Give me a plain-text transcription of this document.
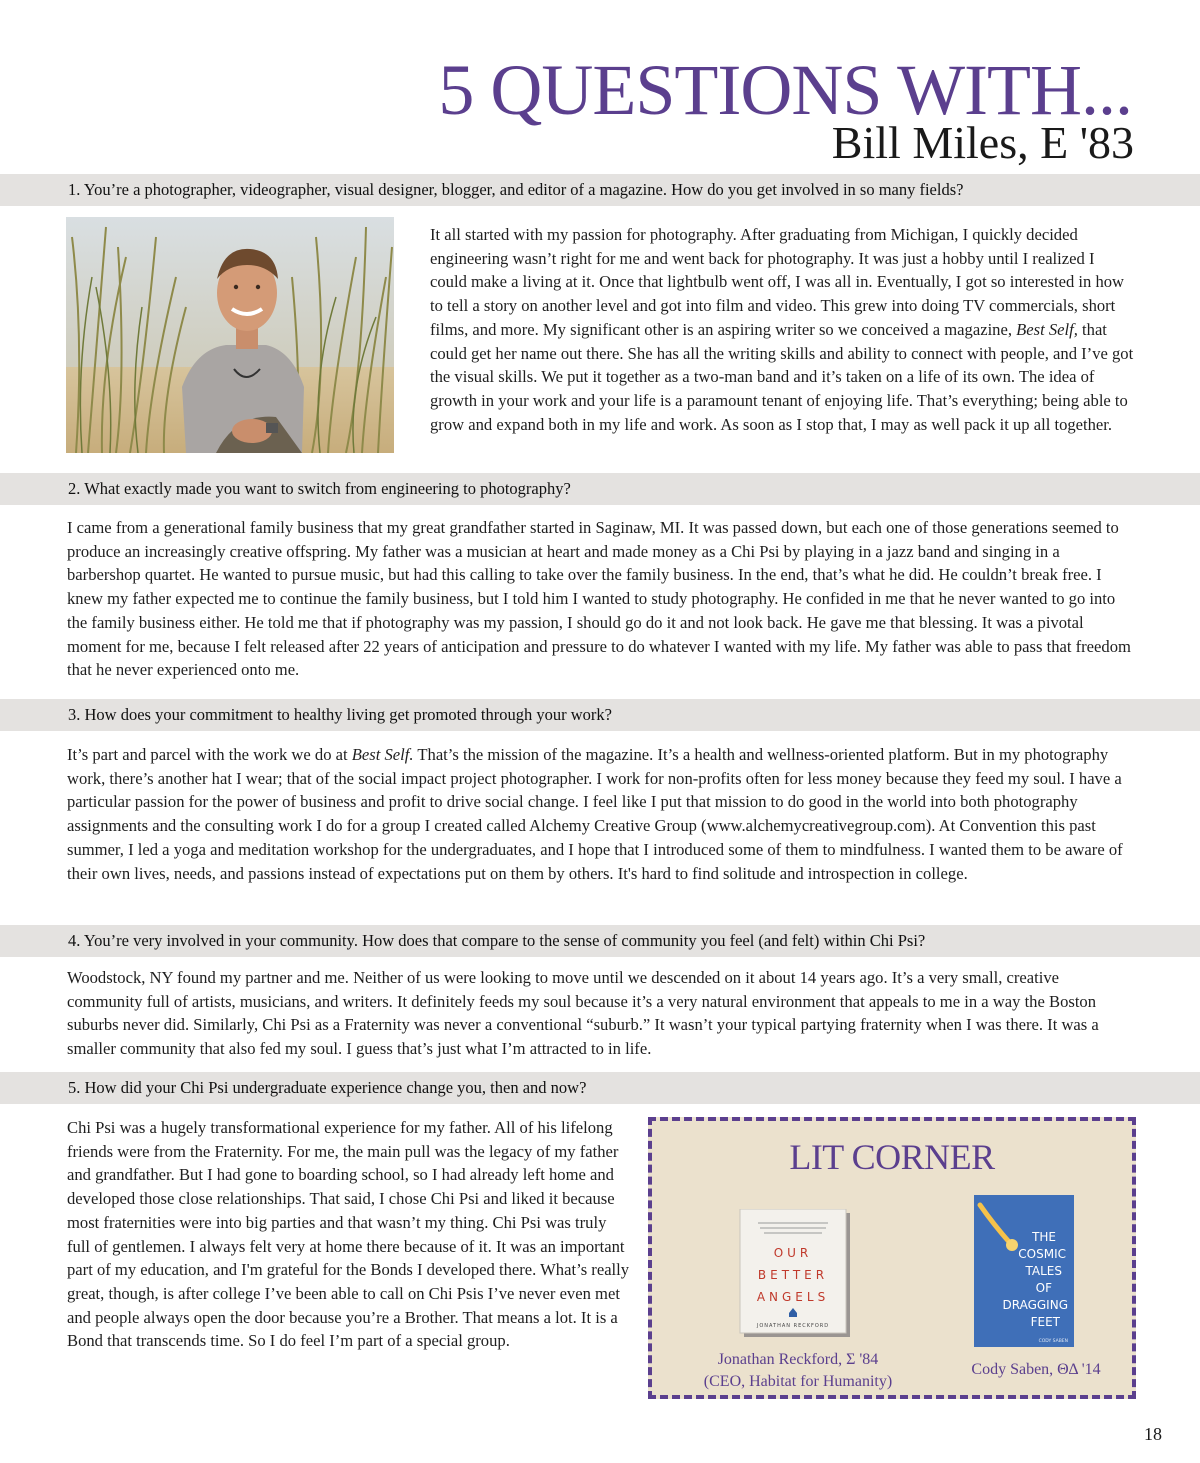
5 QUESTIONS WITH...
Bill Miles, E '83
1. You’re a photographer, videographer, visual designer, blogger, and editor of a magazine. How do you get involved in so many fields?
It all started with my passion for photography. After graduating from Michigan, I quickly decided engineering wasn’t right for me and went back for photography. It was just a hobby until I realized I could make a living at it. Once that lightbulb went off, I was all in. Eventually, I got so interested in how to tell a story on another level and got into film and video. This grew into doing TV commercials, short films, and more. My significant other is an aspiring writer so we conceived a magazine, Best Self, that could get her name out there. She has all the writing skills and ability to connect with people, and I’ve got the visual skills. We put it together as a two-man band and it’s taken on a life of its own. The idea of growth in your work and your life is a paramount tenant of enjoying life. That’s everything; being able to grow and expand both in my life and work. As soon as I stop that, I may as well pack it up all together.
2. What exactly made you want to switch from engineering to photography?
I came from a generational family business that my great grandfather started in Saginaw, MI. It was passed down, but each one of those generations seemed to produce an increasingly creative offspring. My father was a musician at heart and made money as a Chi Psi by playing in a jazz band and singing in a barbershop quartet. He wanted to pursue music, but had this calling to take over the family business. In the end, that’s what he did. He couldn’t break free. I knew my father expected me to continue the family business, but I told him I wanted to study photography. He confided in me that he never wanted to go into the family business either. He told me that if photography was my passion, I should go do it and not look back. He gave me that blessing. It was a pivotal moment for me, because I felt released after 22 years of anticipation and pressure to do whatever I wanted with my life. My father was able to pass that freedom that he never experienced onto me.
3. How does your commitment to healthy living get promoted through your work?
It’s part and parcel with the work we do at Best Self. That’s the mission of the magazine. It’s a health and wellness-oriented platform. But in my photography work, there’s another hat I wear; that of the social impact project photographer. I work for non-profits often for less money because they feed my soul. I have a particular passion for the power of business and profit to drive social change. I feel like I put that mission to do good in the world into both photography assignments and the consulting work I do for a group I created called Alchemy Creative Group (www.alchemycreativegroup.com). At Convention this past summer, I led a yoga and meditation workshop for the undergraduates, and I hope that I introduced some of them to mindfulness. I wanted them to be aware of their own lives, needs, and passions instead of expectations put on them by others. It's hard to find solitude and introspection in college.
4. You’re very involved in your community. How does that compare to the sense of community you feel (and felt) within Chi Psi?
Woodstock, NY found my partner and me. Neither of us were looking to move until we descended on it about 14 years ago. It’s a very small, creative community full of artists, musicians, and writers. It definitely feeds my soul because it’s a very natural environment that appeals to me in a way the Boston suburbs never did. Similarly, Chi Psi as a Fraternity was never a conventional “suburb.” It wasn’t your typical partying fraternity when I was there. It was a smaller community that also fed my soul. I guess that’s just what I’m attracted to in life.
5. How did your Chi Psi undergraduate experience change you, then and now?
Chi Psi was a hugely transformational experience for my father. All of his lifelong friends were from the Fraternity. For me, the main pull was the legacy of my father and grandfather. But I had gone to boarding school, so I had already left home and developed those close relationships. That said, I chose Chi Psi and liked it because most fraternities were into big parties and that wasn’t my thing. Chi Psi was truly full of gentlemen. I always felt very at home there because of it. It was an important part of my education, and I'm grateful for the Bonds I developed there. What’s really great, though, is after college I’ve been able to call on Chi Psis I’ve never even met and people always open the door because you’re a Brother. That means a lot. It is a Bond that transcends time. So I do feel I’m part of a special group.
LIT CORNER
OUR
BETTER
ANGELS
JONATHAN RECKFORD
THE
COSMIC
TALES
OF
DRAGGING
FEET
CODY SABEN
Jonathan Reckford, Σ '84
(CEO, Habitat for Humanity)
Cody Saben, ΘΔ '14
18
